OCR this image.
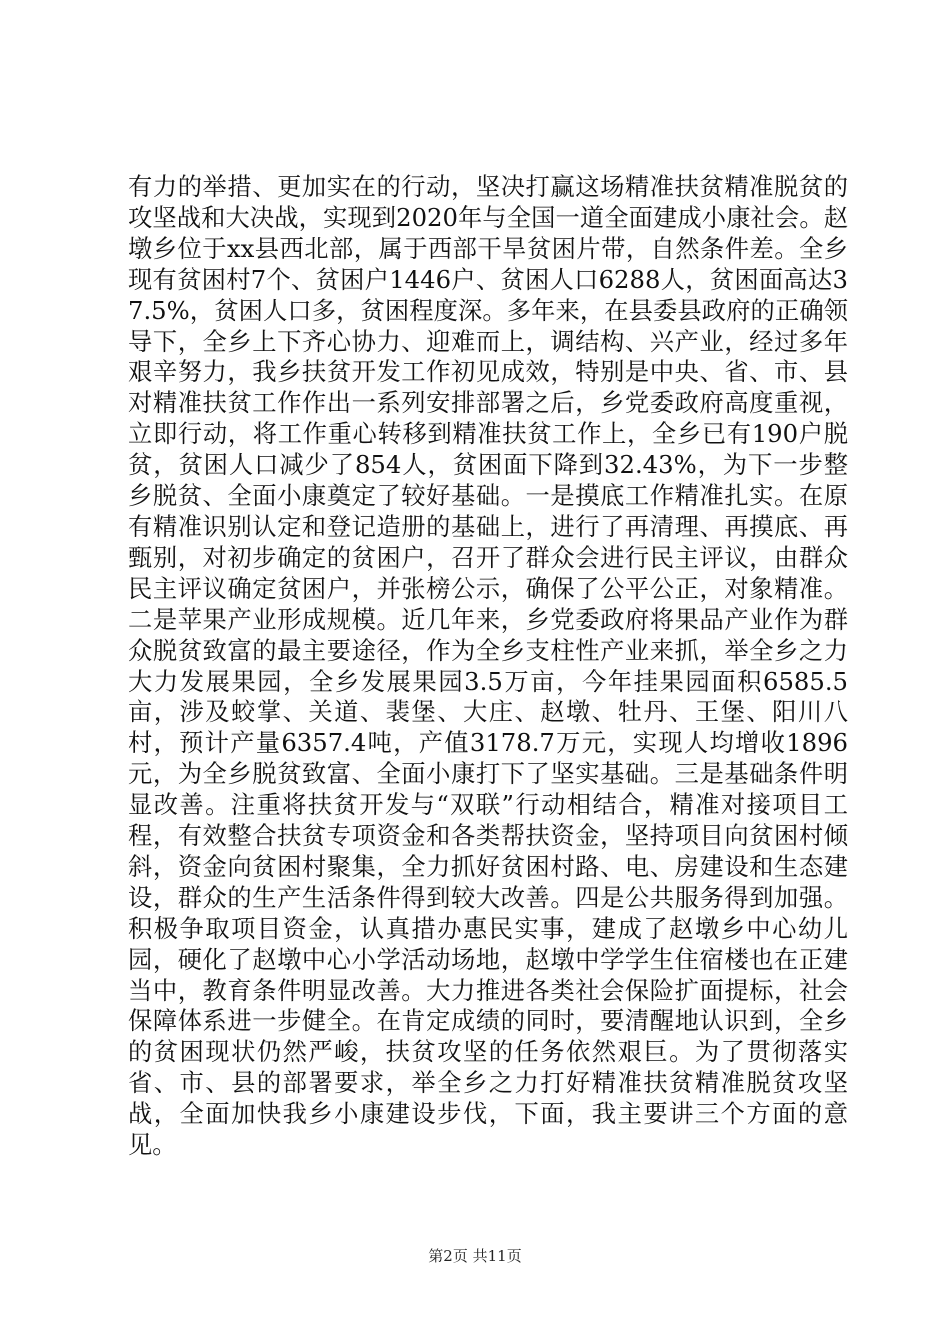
有力的举措、更加实在的行动，坚决打赢这场精准扶贫精准脱贫的攻坚战和大决战，实现到2020年与全国一道全面建成小康社会。赵墩乡位于xx县西北部，属于西部干旱贫困片带，自然条件差。全乡现有贫困村7个、贫困户1446户、贫困人口6288人，贫困面高达37.5%，贫困人口多，贫困程度深。多年来，在县委县政府的正确领导下，全乡上下齐心协力、迎难而上，调结构、兴产业，经过多年艰辛努力，我乡扶贫开发工作初见成效，特别是中央、省、市、县对精准扶贫工作作出一系列安排部署之后，乡党委政府高度重视，立即行动，将工作重心转移到精准扶贫工作上，全乡已有190户脱贫，贫困人口减少了854人，贫困面下降到32.43%，为下一步整乡脱贫、全面小康奠定了较好基础。一是摸底工作精准扎实。在原有精准识别认定和登记造册的基础上，进行了再清理、再摸底、再甄别，对初步确定的贫困户，召开了群众会进行民主评议，由群众民主评议确定贫困户，并张榜公示，确保了公平公正，对象精准。二是苹果产业形成规模。近几年来，乡党委政府将果品产业作为群众脱贫致富的最主要途径，作为全乡支柱性产业来抓，举全乡之力大力发展果园，全乡发展果园3.5万亩，今年挂果园面积6585.5亩，涉及蛟掌、关道、裴堡、大庄、赵墩、牡丹、王堡、阳川八村，预计产量6357.4吨，产值3178.7万元，实现人均增收1896元，为全乡脱贫致富、全面小康打下了坚实基础。三是基础条件明显改善。注重将扶贫开发与“双联”行动相结合，精准对接项目工程，有效整合扶贫专项资金和各类帮扶资金，坚持项目向贫困村倾斜，资金向贫困村聚集，全力抓好贫困村路、电、房建设和生态建设，群众的生产生活条件得到较大改善。四是公共服务得到加强。积极争取项目资金，认真措办惠民实事，建成了赵墩乡中心幼儿园，硬化了赵墩中心小学活动场地，赵墩中学学生住宿楼也在正建当中，教育条件明显改善。大力推进各类社会保险扩面提标，社会保障体系进一步健全。在肯定成绩的同时，要清醒地认识到，全乡的贫困现状仍然严峻，扶贫攻坚的任务依然艰巨。为了贯彻落实省、市、县的部署要求，举全乡之力打好精准扶贫精准脱贫攻坚战，全面加快我乡小康建设步伐，下面，我主要讲三个方面的意见。

第2页 共11页
